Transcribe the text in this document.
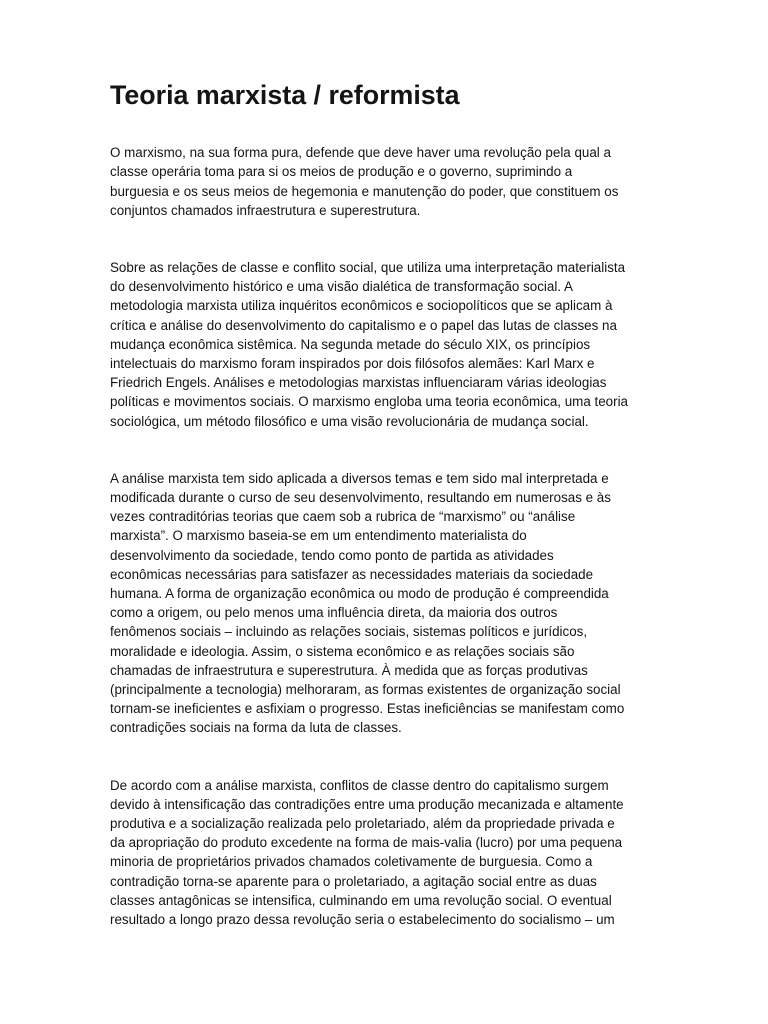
Teoria marxista / reformista

O marxismo, na sua forma pura, defende que deve haver uma revolução pela qual a
classe operária toma para si os meios de produção e o governo, suprimindo a
burguesia e os seus meios de hegemonia e manutenção do poder, que constituem os
conjuntos chamados infraestrutura e superestrutura.

Sobre as relações de classe e conflito social, que utiliza uma interpretação materialista
do desenvolvimento histórico e uma visão dialética de transformação social. A
metodologia marxista utiliza inquéritos econômicos e sociopolíticos que se aplicam à
crítica e análise do desenvolvimento do capitalismo e o papel das lutas de classes na
mudança econômica sistêmica. Na segunda metade do século XIX, os princípios
intelectuais do marxismo foram inspirados por dois filósofos alemães: Karl Marx e
Friedrich Engels. Análises e metodologias marxistas influenciaram várias ideologias
políticas e movimentos sociais. O marxismo engloba uma teoria econômica, uma teoria
sociológica, um método filosófico e uma visão revolucionária de mudança social.

A análise marxista tem sido aplicada a diversos temas e tem sido mal interpretada e
modificada durante o curso de seu desenvolvimento, resultando em numerosas e às
vezes contraditórias teorias que caem sob a rubrica de “marxismo” ou “análise
marxista”. O marxismo baseia-se em um entendimento materialista do
desenvolvimento da sociedade, tendo como ponto de partida as atividades
econômicas necessárias para satisfazer as necessidades materiais da sociedade
humana. A forma de organização econômica ou modo de produção é compreendida
como a origem, ou pelo menos uma influência direta, da maioria dos outros
fenômenos sociais – incluindo as relações sociais, sistemas políticos e jurídicos,
moralidade e ideologia. Assim, o sistema econômico e as relações sociais são
chamadas de infraestrutura e superestrutura. À medida que as forças produtivas
(principalmente a tecnologia) melhoraram, as formas existentes de organização social
tornam-se ineficientes e asfixiam o progresso. Estas ineficiências se manifestam como
contradições sociais na forma da luta de classes.

De acordo com a análise marxista, conflitos de classe dentro do capitalismo surgem
devido à intensificação das contradições entre uma produção mecanizada e altamente
produtiva e a socialização realizada pelo proletariado, além da propriedade privada e
da apropriação do produto excedente na forma de mais-valia (lucro) por uma pequena
minoria de proprietários privados chamados coletivamente de burguesia. Como a
contradição torna-se aparente para o proletariado, a agitação social entre as duas
classes antagônicas se intensifica, culminando em uma revolução social. O eventual
resultado a longo prazo dessa revolução seria o estabelecimento do socialismo – um
